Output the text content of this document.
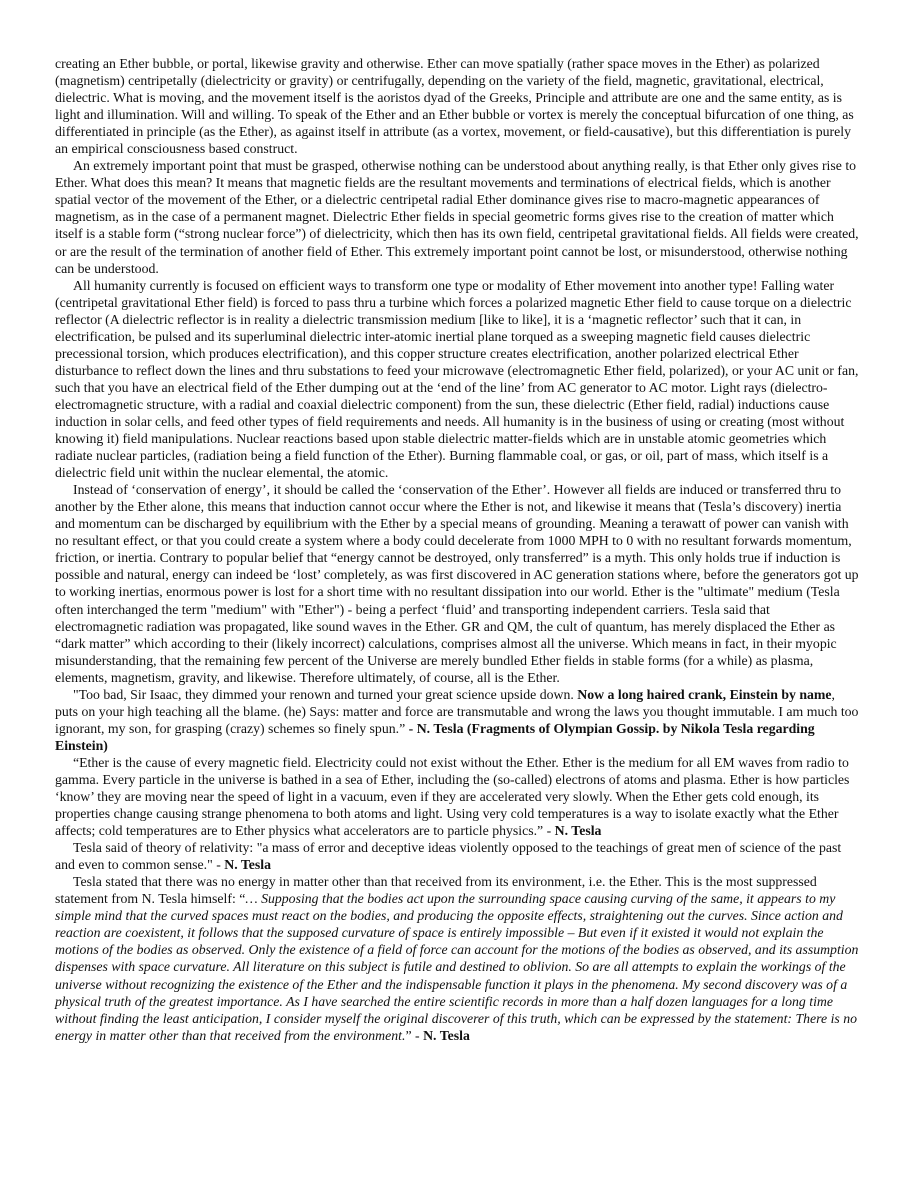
creating an Ether bubble, or portal, likewise gravity and otherwise. Ether can move spatially (rather space moves in the Ether) as polarized (magnetism) centripetally (dielectricity or gravity) or centrifugally, depending on the variety of the field, magnetic, gravitational, electrical, dielectric. What is moving, and the movement itself is the aoristos dyad of the Greeks, Principle and attribute are one and the same entity, as is light and illumination. Will and willing. To speak of the Ether and an Ether bubble or vortex is merely the conceptual bifurcation of one thing, as differentiated in principle (as the Ether), as against itself in attribute (as a vortex, movement, or field-causative), but this differentiation is purely an empirical consciousness based construct.

An extremely important point that must be grasped, otherwise nothing can be understood about anything really, is that Ether only gives rise to Ether. What does this mean? It means that magnetic fields are the resultant movements and terminations of electrical fields, which is another spatial vector of the movement of the Ether, or a dielectric centripetal radial Ether dominance gives rise to macro-magnetic appearances of magnetism, as in the case of a permanent magnet. Dielectric Ether fields in special geometric forms gives rise to the creation of matter which itself is a stable form (“strong nuclear force”) of dielectricity, which then has its own field, centripetal gravitational fields. All fields were created, or are the result of the termination of another field of Ether. This extremely important point cannot be lost, or misunderstood, otherwise nothing can be understood.

All humanity currently is focused on efficient ways to transform one type or modality of Ether movement into another type! Falling water (centripetal gravitational Ether field) is forced to pass thru a turbine which forces a polarized magnetic Ether field to cause torque on a dielectric reflector (A dielectric reflector is in reality a dielectric transmission medium [like to like], it is a ‘magnetic reflector’ such that it can, in electrification, be pulsed and its superluminal dielectric inter-atomic inertial plane torqued as a sweeping magnetic field causes dielectric precessional torsion, which produces electrification), and this copper structure creates electrification, another polarized electrical Ether disturbance to reflect down the lines and thru substations to feed your microwave (electromagnetic Ether field, polarized), or your AC unit or fan, such that you have an electrical field of the Ether dumping out at the ‘end of the line’ from AC generator to AC motor. Light rays (dielectro-electromagnetic structure, with a radial and coaxial dielectric component) from the sun, these dielectric (Ether field, radial) inductions cause induction in solar cells, and feed other types of field requirements and needs. All humanity is in the business of using or creating (most without knowing it) field manipulations. Nuclear reactions based upon stable dielectric matter-fields which are in unstable atomic geometries which radiate nuclear particles, (radiation being a field function of the Ether). Burning flammable coal, or gas, or oil, part of mass, which itself is a dielectric field unit within the nuclear elemental, the atomic.

Instead of ‘conservation of energy’, it should be called the ‘conservation of the Ether’. However all fields are induced or transferred thru to another by the Ether alone, this means that induction cannot occur where the Ether is not, and likewise it means that (Tesla’s discovery) inertia and momentum can be discharged by equilibrium with the Ether by a special means of grounding. Meaning a terawatt of power can vanish with no resultant effect, or that you could create a system where a body could decelerate from 1000 MPH to 0 with no resultant forwards momentum, friction, or inertia. Contrary to popular belief that “energy cannot be destroyed, only transferred” is a myth. This only holds true if induction is possible and natural, energy can indeed be ‘lost’ completely, as was first discovered in AC generation stations where, before the generators got up to working inertias, enormous power is lost for a short time with no resultant dissipation into our world. Ether is the "ultimate" medium (Tesla often interchanged the term "medium" with "Ether") - being a perfect ‘fluid’ and transporting independent carriers. Tesla said that electromagnetic radiation was propagated, like sound waves in the Ether. GR and QM, the cult of quantum, has merely displaced the Ether as “dark matter” which according to their (likely incorrect) calculations, comprises almost all the universe. Which means in fact, in their myopic misunderstanding, that the remaining few percent of the Universe are merely bundled Ether fields in stable forms (for a while) as plasma, elements, magnetism, gravity, and likewise. Therefore ultimately, of course, all is the Ether.

"Too bad, Sir Isaac, they dimmed your renown and turned your great science upside down. Now a long haired crank, Einstein by name, puts on your high teaching all the blame. (he) Says: matter and force are transmutable and wrong the laws you thought immutable. I am much too ignorant, my son, for grasping (crazy) schemes so finely spun.” - N. Tesla (Fragments of Olympian Gossip. by Nikola Tesla regarding Einstein)

“Ether is the cause of every magnetic field. Electricity could not exist without the Ether. Ether is the medium for all EM waves from radio to gamma. Every particle in the universe is bathed in a sea of Ether, including the (so-called) electrons of atoms and plasma. Ether is how particles ‘know’ they are moving near the speed of light in a vacuum, even if they are accelerated very slowly. When the Ether gets cold enough, its properties change causing strange phenomena to both atoms and light. Using very cold temperatures is a way to isolate exactly what the Ether affects; cold temperatures are to Ether physics what accelerators are to particle physics.” - N. Tesla

Tesla said of theory of relativity: "a mass of error and deceptive ideas violently opposed to the teachings of great men of science of the past and even to common sense." - N. Tesla

Tesla stated that there was no energy in matter other than that received from its environment, i.e. the Ether. This is the most suppressed statement from N. Tesla himself: “… Supposing that the bodies act upon the surrounding space causing curving of the same, it appears to my simple mind that the curved spaces must react on the bodies, and producing the opposite effects, straightening out the curves. Since action and reaction are coexistent, it follows that the supposed curvature of space is entirely impossible – But even if it existed it would not explain the motions of the bodies as observed. Only the existence of a field of force can account for the motions of the bodies as observed, and its assumption dispenses with space curvature. All literature on this subject is futile and destined to oblivion. So are all attempts to explain the workings of the universe without recognizing the existence of the Ether and the indispensable function it plays in the phenomena. My second discovery was of a physical truth of the greatest importance. As I have searched the entire scientific records in more than a half dozen languages for a long time without finding the least anticipation, I consider myself the original discoverer of this truth, which can be expressed by the statement: There is no energy in matter other than that received from the environment.” - N. Tesla
